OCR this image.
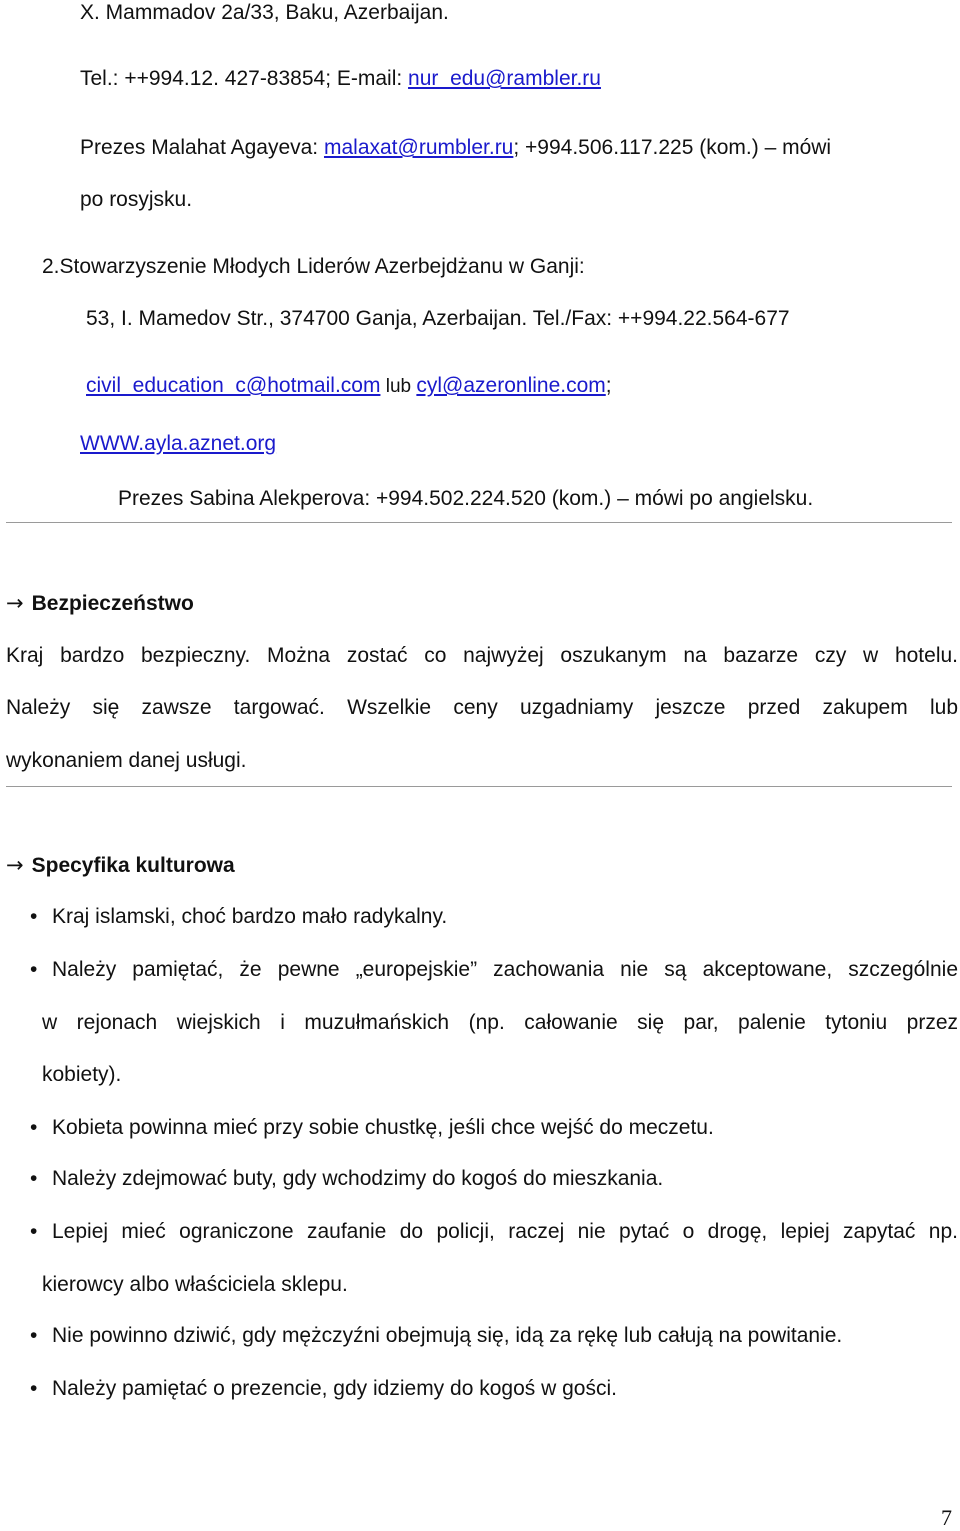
X. Mammadov 2a/33, Baku, Azerbaijan.
Tel.: ++994.12. 427-83854; E-mail: nur_edu@rambler.ru
Prezes Malahat Agayeva: malaxat@rumbler.ru; +994.506.117.225 (kom.) – mówi
po rosyjsku.
2.Stowarzyszenie Młodych Liderów Azerbejdżanu w Ganji:
53, I. Mamedov Str., 374700 Ganja, Azerbaijan. Tel./Fax: ++994.22.564-677
civil_education_c@hotmail.com lub cyl@azeronline.com;
WWW.ayla.aznet.org
Prezes Sabina Alekperova: +994.502.224.520 (kom.) – mówi po angielsku.
→ Bezpieczeństwo
Kraj bardzo bezpieczny. Można zostać co najwyżej oszukanym na bazarze czy w hotelu.
Należy się zawsze targować. Wszelkie ceny uzgadniamy jeszcze przed zakupem lub
wykonaniem danej usługi.
→ Specyfika kulturowa
• Kraj islamski, choć bardzo mało radykalny.
• Należy pamiętać, że pewne „europejskie” zachowania nie są akceptowane, szczególnie
w rejonach wiejskich i muzułmańskich (np. całowanie się par, palenie tytoniu przez
kobiety).
• Kobieta powinna mieć przy sobie chustkę, jeśli chce wejść do meczetu.
• Należy zdejmować buty, gdy wchodzimy do kogoś do mieszkania.
• Lepiej mieć ograniczone zaufanie do policji, raczej nie pytać o drogę, lepiej zapytać np.
kierowcy albo właściciela sklepu.
• Nie powinno dziwić, gdy mężczyźni obejmują się, idą za rękę lub całują na powitanie.
• Należy pamiętać o prezencie, gdy idziemy do kogoś w gości.
7
